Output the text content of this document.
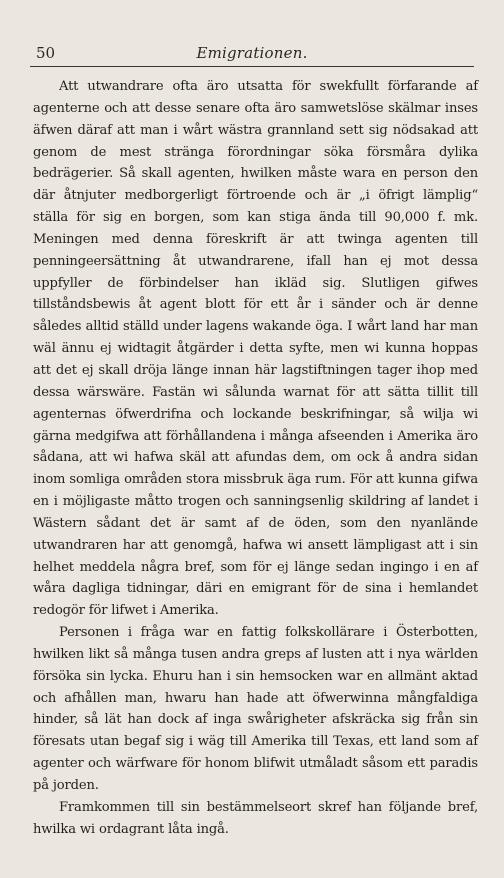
50	Emigrationen.

Att utwandrare ofta äro utsatta för swekfullt förfarande af agenterne och att desse senare ofta äro samwetslöse skälmar inses äfwen däraf att man i wårt wästra grannland sett sig nödsakad att genom de mest stränga förordningar söka försmåra dylika bedrägerier. Så skall agenten, hwilken måste wara en person den där åtnjuter medborgerligt förtroende och är „i öfrigt lämplig“ ställa för sig en borgen, som kan stiga ända till 90,000 f. mk. Meningen med denna föreskrift är att twinga agenten till penningeersättning åt utwandrarene, ifall han ej mot dessa uppfyller de förbindelser han ikläd sig. Slutligen gifwes tillståndsbewis åt agent blott för ett år i sänder och är denne således alltid ställd under lagens wakande öga. I wårt land har man wäl ännu ej widtagit åtgärder i detta syfte, men wi kunna hoppas att det ej skall dröja länge innan här lagstiftningen tager ihop med dessa wärswäre. Fastän wi sålunda warnat för att sätta tillit till agenternas öfwerdrifna och lockande beskrifningar, så wilja wi gärna medgifwa att förhållandena i många afseenden i Amerika äro sådana, att wi hafwa skäl att afundas dem, om ock å andra sidan inom somliga områden stora missbruk äga rum. För att kunna gifwa en i möjligaste måtto trogen och sanningsenlig skildring af landet i Wästern sådant det är samt af de öden, som den nyanlände utwandraren har att genomgå, hafwa wi ansett lämpligast att i sin helhet meddela några bref, som för ej länge sedan ingingo i en af wåra dagliga tidningar, däri en emigrant för de sina i hemlandet redogör för lifwet i Amerika.

Personen i fråga war en fattig folkskollärare i Österbotten, hwilken likt så många tusen andra greps af lusten att i nya wärlden försöka sin lycka. Ehuru han i sin hemsocken war en allmänt aktad och afhållen man, hwaru han hade att öfwerwinna mångfaldiga hinder, så lät han dock af inga swårigheter afskräcka sig från sin föresats utan begaf sig i wäg till Amerika till Texas, ett land som af agenter och wärfware för honom blifwit utmåladt såsom ett paradis på jorden.

Framkommen till sin bestämmelseort skref han följande bref, hwilka wi ordagrant låta ingå.
